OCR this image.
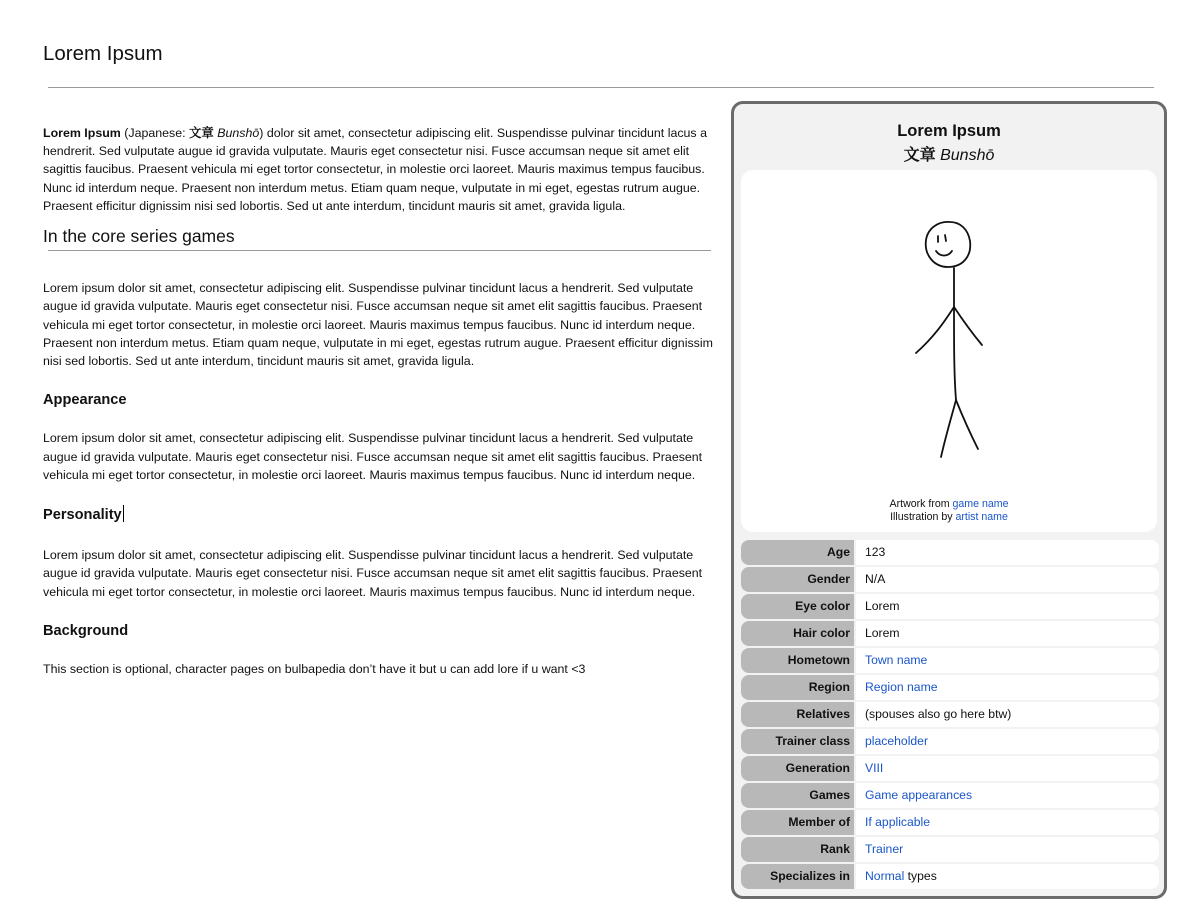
Lorem Ipsum

Lorem Ipsum (Japanese: 文章 Bunshō) dolor sit amet, consectetur adipiscing elit. Suspendisse pulvinar tincidunt lacus a hendrerit. Sed vulputate augue id gravida vulputate. Mauris eget consectetur nisi. Fusce accumsan neque sit amet elit sagittis faucibus. Praesent vehicula mi eget tortor consectetur, in molestie orci laoreet. Mauris maximus tempus faucibus. Nunc id interdum neque. Praesent non interdum metus. Etiam quam neque, vulputate in mi eget, egestas rutrum augue. Praesent efficitur dignissim nisi sed lobortis. Sed ut ante interdum, tincidunt mauris sit amet, gravida ligula.

In the core series games

Lorem ipsum dolor sit amet, consectetur adipiscing elit. Suspendisse pulvinar tincidunt lacus a hendrerit. Sed vulputate augue id gravida vulputate. Mauris eget consectetur nisi. Fusce accumsan neque sit amet elit sagittis faucibus. Praesent vehicula mi eget tortor consectetur, in molestie orci laoreet. Mauris maximus tempus faucibus. Nunc id interdum neque. Praesent non interdum metus. Etiam quam neque, vulputate in mi eget, egestas rutrum augue. Praesent efficitur dignissim nisi sed lobortis. Sed ut ante interdum, tincidunt mauris sit amet, gravida ligula.

Appearance

Lorem ipsum dolor sit amet, consectetur adipiscing elit. Suspendisse pulvinar tincidunt lacus a hendrerit. Sed vulputate augue id gravida vulputate. Mauris eget consectetur nisi. Fusce accumsan neque sit amet elit sagittis faucibus. Praesent vehicula mi eget tortor consectetur, in molestie orci laoreet. Mauris maximus tempus faucibus. Nunc id interdum neque.

Personality

Lorem ipsum dolor sit amet, consectetur adipiscing elit. Suspendisse pulvinar tincidunt lacus a hendrerit. Sed vulputate augue id gravida vulputate. Mauris eget consectetur nisi. Fusce accumsan neque sit amet elit sagittis faucibus. Praesent vehicula mi eget tortor consectetur, in molestie orci laoreet. Mauris maximus tempus faucibus. Nunc id interdum neque.

Background

This section is optional, character pages on bulbapedia don’t have it but u can add lore if u want <3

Lorem Ipsum
文章 Bunshō
Artwork from game name
Illustration by artist name
Age	123
Gender	N/A
Eye color	Lorem
Hair color	Lorem
Hometown	Town name
Region	Region name
Relatives	(spouses also go here btw)
Trainer class	placeholder
Generation	VIII
Games	Game appearances
Member of	If applicable
Rank	Trainer
Specializes in	Normal types
